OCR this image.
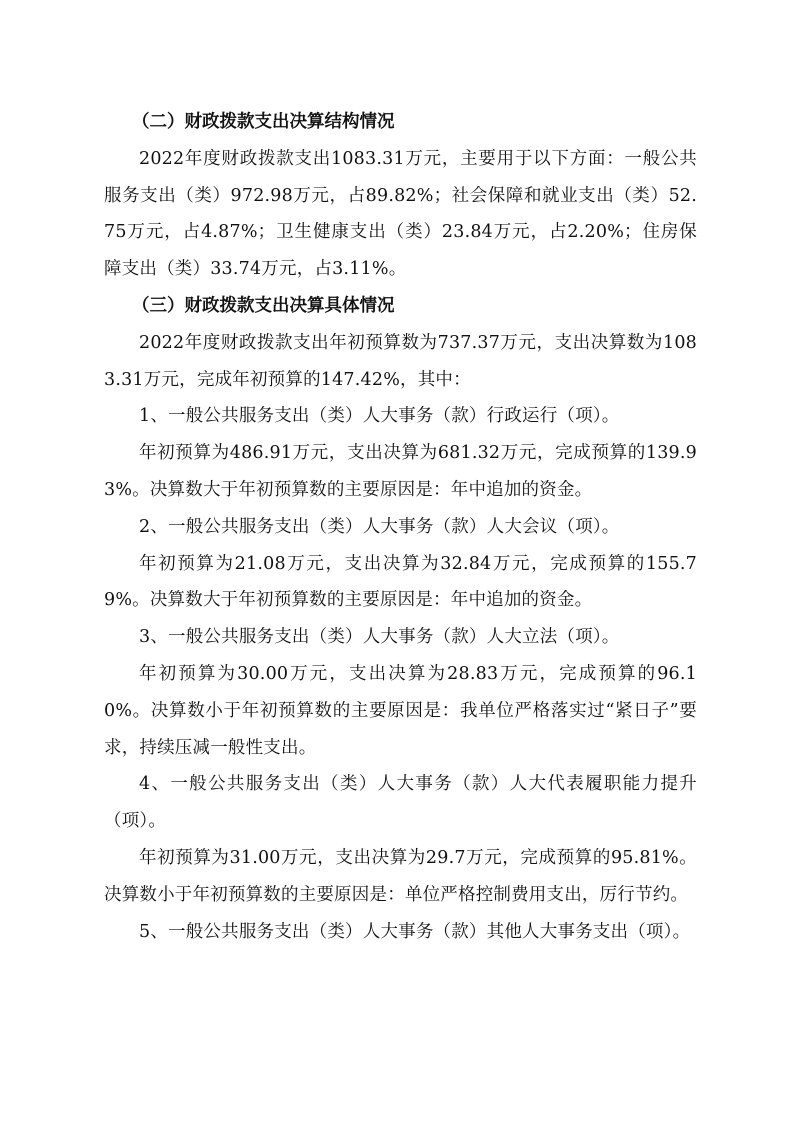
（二）财政拨款支出决算结构情况

2022年度财政拨款支出1083.31万元，主要用于以下方面：一般公共服务支出（类）972.98万元，占89.82%；社会保障和就业支出（类）52.75万元，占4.87%；卫生健康支出（类）23.84万元，占2.20%；住房保障支出（类）33.74万元，占3.11%。

（三）财政拨款支出决算具体情况

2022年度财政拨款支出年初预算数为737.37万元，支出决算数为1083.31万元，完成年初预算的147.42%，其中：

1、一般公共服务支出（类）人大事务（款）行政运行（项）。

年初预算为486.91万元，支出决算为681.32万元，完成预算的139.93%。决算数大于年初预算数的主要原因是：年中追加的资金。

2、一般公共服务支出（类）人大事务（款）人大会议（项）。

年初预算为21.08万元，支出决算为32.84万元，完成预算的155.79%。决算数大于年初预算数的主要原因是：年中追加的资金。

3、一般公共服务支出（类）人大事务（款）人大立法（项）。

年初预算为30.00万元，支出决算为28.83万元，完成预算的96.10%。决算数小于年初预算数的主要原因是：我单位严格落实过“紧日子”要求，持续压减一般性支出。

4、一般公共服务支出（类）人大事务（款）人大代表履职能力提升（项）。

年初预算为31.00万元，支出决算为29.7万元，完成预算的95.81%。决算数小于年初预算数的主要原因是：单位严格控制费用支出，厉行节约。

5、一般公共服务支出（类）人大事务（款）其他人大事务支出（项）。
